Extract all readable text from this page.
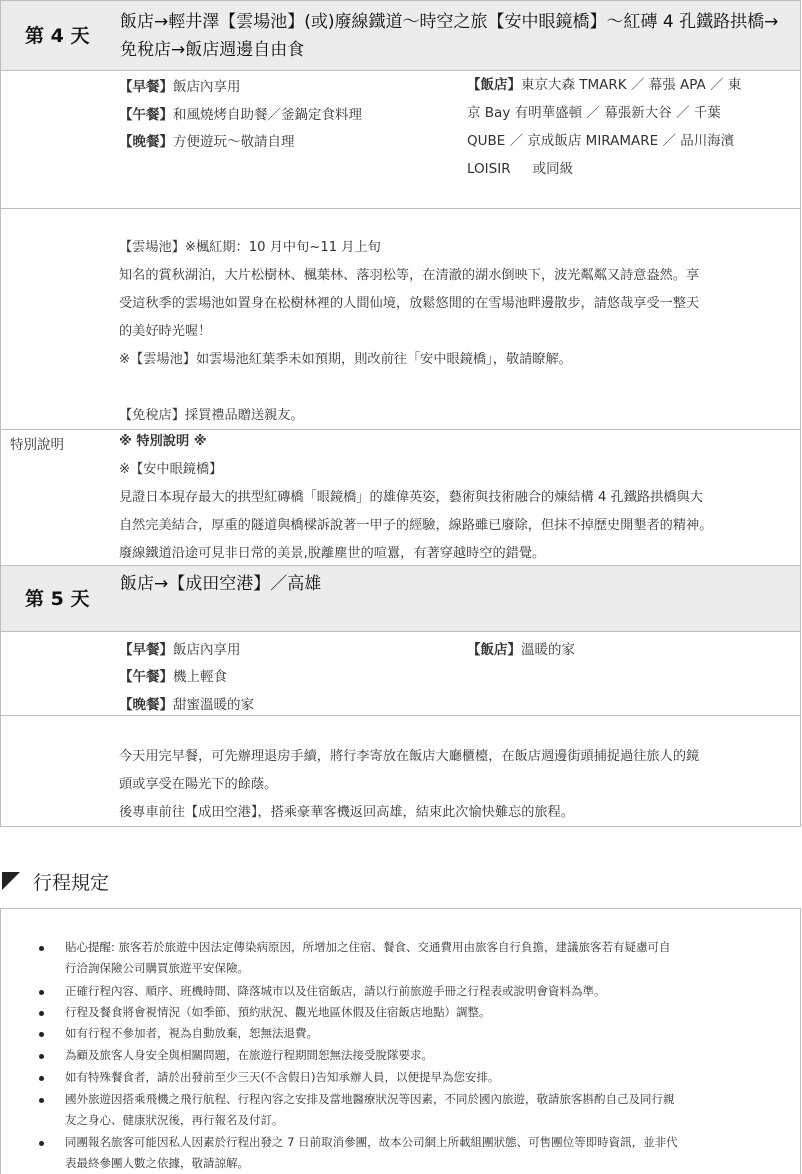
第 4 天
飯店→輕井澤【雲場池】(或)廢線鐵道～時空之旅【安中眼鏡橋】～紅磚 4 孔鐵路拱橋→免稅店→飯店週邊自由食
【早餐】飯店內享用
【午餐】和風燒烤自助餐／釜鍋定食料理
【晚餐】方便遊玩～敬請自理
【飯店】東京大森 TMARK ／ 幕張 APA ／ 東
京 Bay 有明華盛頓 ／ 幕張新大谷 ／ 千葉
QUBE ／ 京成飯店 MIRAMARE ／ 品川海濱
LOISIR 　 或同級
【雲場池】※楓紅期：10 月中旬~11 月上旬
知名的賞秋湖泊，大片松樹林、楓葉林、落羽松等，在清澈的湖水倒映下，波光粼粼又詩意盎然。享
受這秋季的雲場池如置身在松樹林裡的人間仙境，放鬆悠閒的在雪場池畔邊散步，請悠哉享受一整天
的美好時光喔！
※【雲場池】如雲場池紅葉季未如預期，則改前往「安中眼鏡橋」，敬請瞭解。
【免稅店】採買禮品贈送親友。
特別說明	※ 特別說明 ※
※【安中眼鏡橋】
見證日本現存最大的拱型紅磚橋「眼鏡橋」的雄偉英姿，藝術與技術融合的煉結構 4 孔鐵路拱橋與大
自然完美結合，厚重的隧道與橋樑訴說著一甲子的經驗，線路雖已廢除，但抹不掉歷史開墾者的精神。
廢線鐵道沿途可見非日常的美景,脫離塵世的喧囂，有著穿越時空的錯覺。
第 5 天
飯店→【成田空港】／高雄
【早餐】飯店內享用
【午餐】機上輕食
【晚餐】甜蜜溫暖的家
【飯店】溫暖的家
今天用完早餐，可先辦理退房手續，將行李寄放在飯店大廳櫃檯，在飯店週邊街頭捕捉過往旅人的鏡
頭或享受在陽光下的餘蔭。
後專車前往【成田空港】，搭乘豪華客機返回高雄，結束此次愉快難忘的旅程。
行程規定
貼心提醒: 旅客若於旅遊中因法定傳染病原因，所增加之住宿、餐食、交通費用由旅客自行負擔，建議旅客若有疑慮可自
行洽詢保險公司購買旅遊平安保險。
正確行程內容、順序、班機時間、降落城市以及住宿飯店，請以行前旅遊手冊之行程表或說明會資料為準。
行程及餐食將會視情況（如季節、預約狀況、觀光地區休假及住宿飯店地點）調整。
如有行程不參加者，視為自動放棄，恕無法退費。
為顧及旅客人身安全與相關問題，在旅遊行程期間恕無法接受脫隊要求。
如有特殊餐食者，請於出發前至少三天(不含假日)告知承辦人員，以便提早為您安排。
國外旅遊因搭乘飛機之飛行航程、行程內容之安排及當地醫療狀況等因素，不同於國內旅遊，敬請旅客斟酌自己及同行親
友之身心、健康狀況後，再行報名及付訂。
同團報名旅客可能因私人因素於行程出發之 7 日前取消參團，故本公司網上所載組團狀態、可售團位等即時資訊，並非代
表最終參團人數之依據，敬請諒解。
